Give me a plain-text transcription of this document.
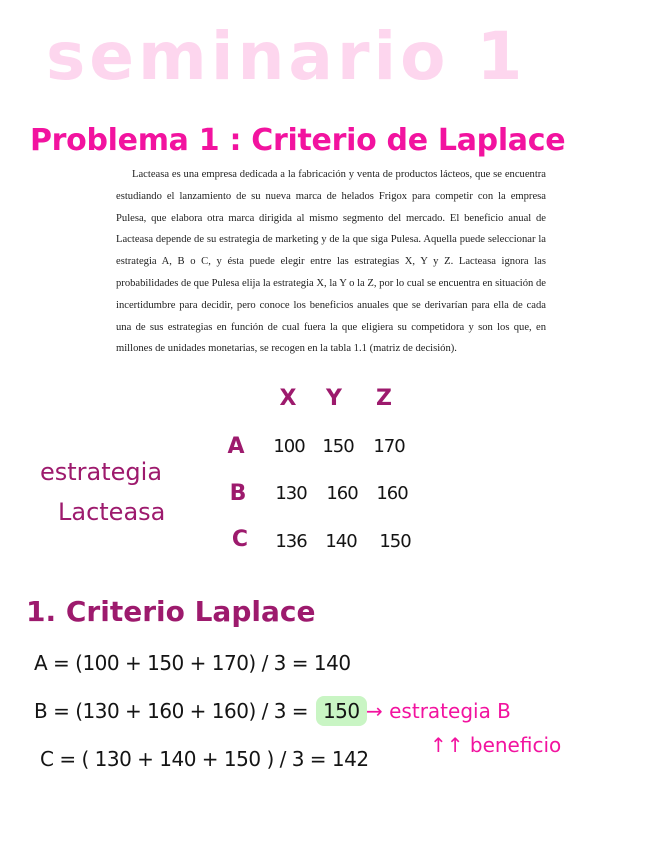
seminario 1
Problema 1 : Criterio de Laplace

Lacteasa es una empresa dedicada a la fabricación y venta de productos lácteos, que se encuentra estudiando el lanzamiento de su nueva marca de helados Frigox para competir con la empresa Pulesa, que elabora otra marca dirigida al mismo segmento del mercado. El beneficio anual de Lacteasa depende de su estrategia de marketing y de la que siga Pulesa. Aquella puede seleccionar la estrategia A, B o C, y ésta puede elegir entre las estrategias X, Y y Z. Lacteasa ignora las probabilidades de que Pulesa elija la estrategia X, la Y o la Z, por lo cual se encuentra en situación de incertidumbre para decidir, pero conoce los beneficios anuales que se derivarían para ella de cada una de sus estrategias en función de cual fuera la que eligiera su competidora y son los que, en millones de unidades monetarias, se recogen en la tabla 1.1 (matriz de decisión).

X Y Z
A	100 150	170
B	130	160	160
C	136	140	150
estrategia
Lacteasa
1. Criterio Laplace
A = (100 + 150 + 170) / 3 = 140
B = (130 + 160 + 160) / 3 = 150
C = ( 130 + 140 + 150 ) / 3 = 142
→ estrategia B
↑↑ beneficio
